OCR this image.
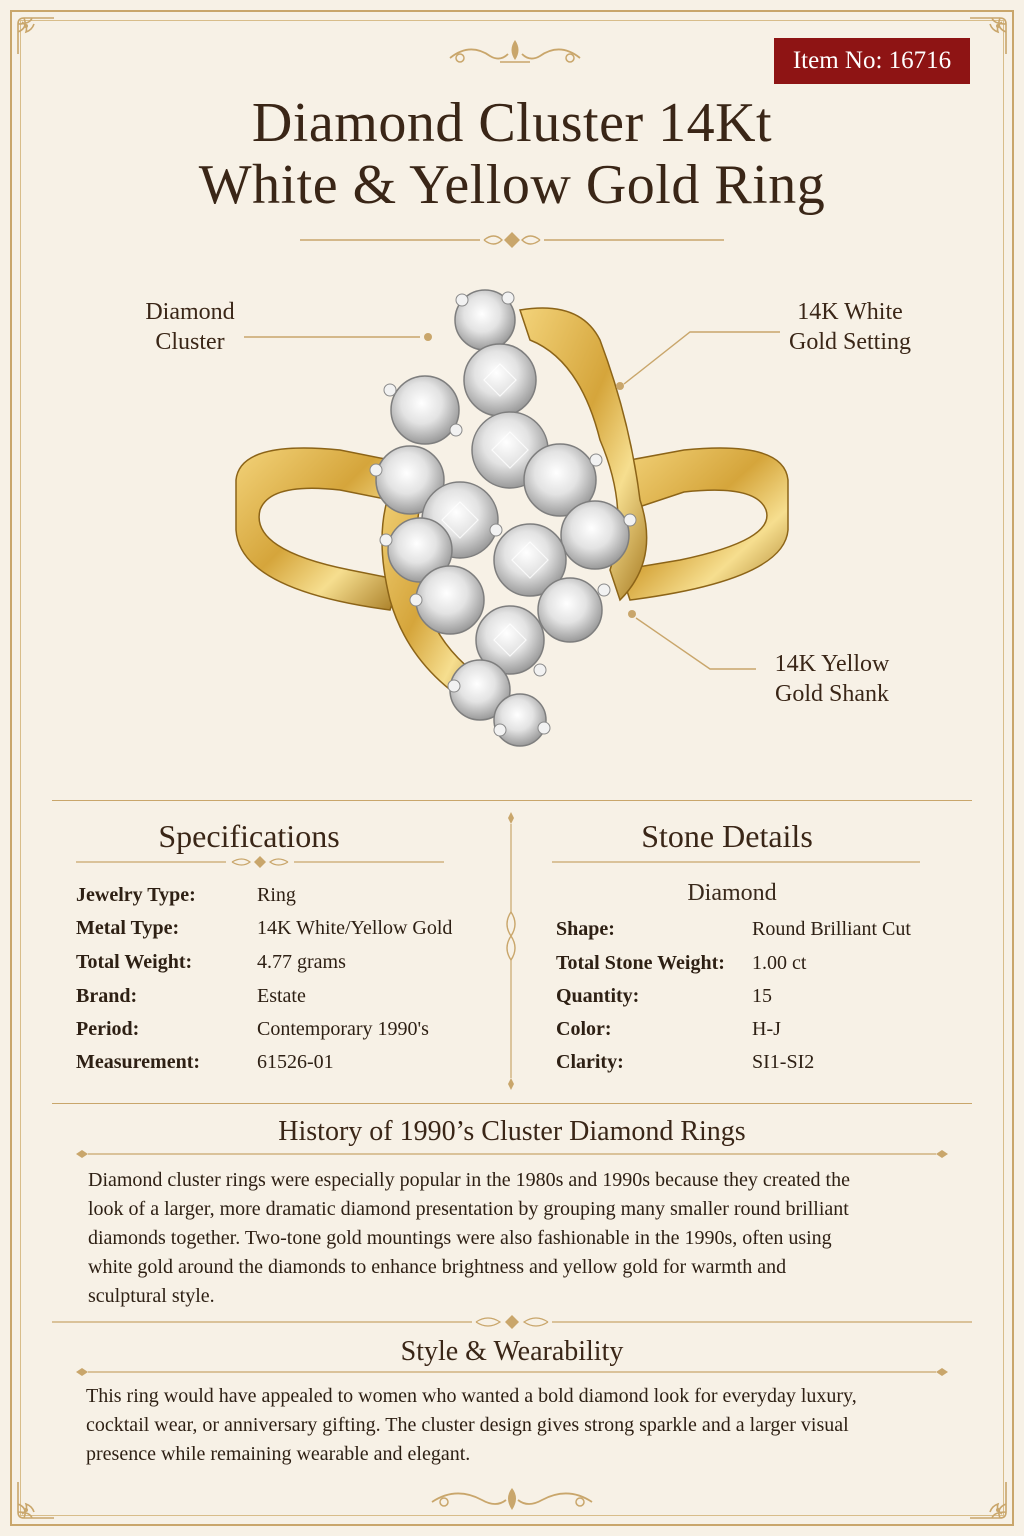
Item No: 16716
Diamond Cluster 14Kt
White & Yellow Gold Ring
Diamond
Cluster
14K White
Gold Setting
14K Yellow
Gold Shank
Specifications
Jewelry Type:	Ring
Metal Type:	14K White/Yellow Gold
Total Weight:	4.77 grams
Brand:	Estate
Period:	Contemporary 1990's
Measurement:	61526-01
Stone Details
Diamond
Shape:	Round Brilliant Cut
Total Stone Weight: 1.00 ct
Quantity:	15
Color:	H-J
Clarity:	SI1-SI2
History of 1990’s Cluster Diamond Rings
Diamond cluster rings were especially popular in the 1980s and 1990s because they created the
look of a larger, more dramatic diamond presentation by grouping many smaller round brilliant
diamonds together. Two-tone gold mountings were also fashionable in the 1990s, often using
white gold around the diamonds to enhance brightness and yellow gold for warmth and
sculptural style.
Style & Wearability
This ring would have appealed to women who wanted a bold diamond look for everyday luxury,
cocktail wear, or anniversary gifting. The cluster design gives strong sparkle and a larger visual
presence while remaining wearable and elegant.
